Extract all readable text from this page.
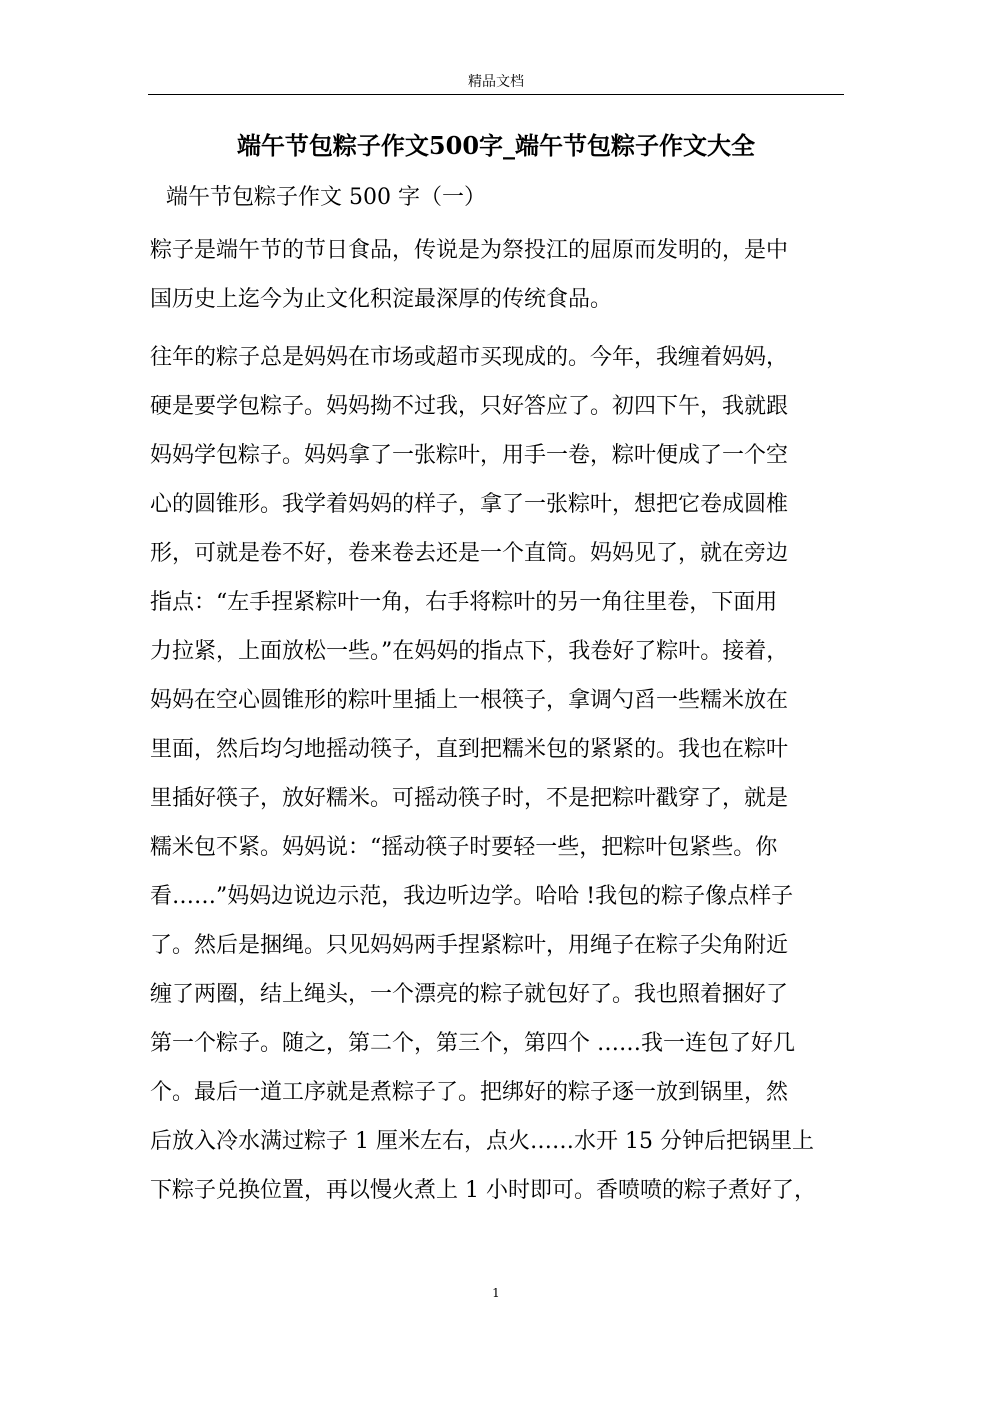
精品文档
端午节包粽子作文500字_端午节包粽子作文大全
端午节包粽子作文 500 字（一）
粽子是端午节的节日食品，传说是为祭投江的屈原而发明的，是中
国历史上迄今为止文化积淀最深厚的传统食品。
往年的粽子总是妈妈在市场或超市买现成的。今年，我缠着妈妈，
硬是要学包粽子。妈妈拗不过我，只好答应了。初四下午，我就跟
妈妈学包粽子。妈妈拿了一张粽叶，用手一卷，粽叶便成了一个空
心的圆锥形。我学着妈妈的样子，拿了一张粽叶，想把它卷成圆椎
形，可就是卷不好，卷来卷去还是一个直筒。妈妈见了，就在旁边
指点：“左手捏紧粽叶一角，右手将粽叶的另一角往里卷，下面用
力拉紧，上面放松一些。”在妈妈的指点下，我卷好了粽叶。接着，
妈妈在空心圆锥形的粽叶里插上一根筷子，拿调勺舀一些糯米放在
里面，然后均匀地摇动筷子，直到把糯米包的紧紧的。我也在粽叶
里插好筷子，放好糯米。可摇动筷子时，不是把粽叶戳穿了，就是
糯米包不紧。妈妈说：“摇动筷子时要轻一些，把粽叶包紧些。你
看……”妈妈边说边示范，我边听边学。哈哈 !我包的粽子像点样子
了。然后是捆绳。只见妈妈两手捏紧粽叶，用绳子在粽子尖角附近
缠了两圈，结上绳头，一个漂亮的粽子就包好了。我也照着捆好了
第一个粽子。随之，第二个，第三个，第四个 ……我一连包了好几
个。最后一道工序就是煮粽子了。把绑好的粽子逐一放到锅里，然
后放入冷水满过粽子 1 厘米左右，点火……水开 15 分钟后把锅里上
下粽子兑换位置，再以慢火煮上 1 小时即可。香喷喷的粽子煮好了，
1
